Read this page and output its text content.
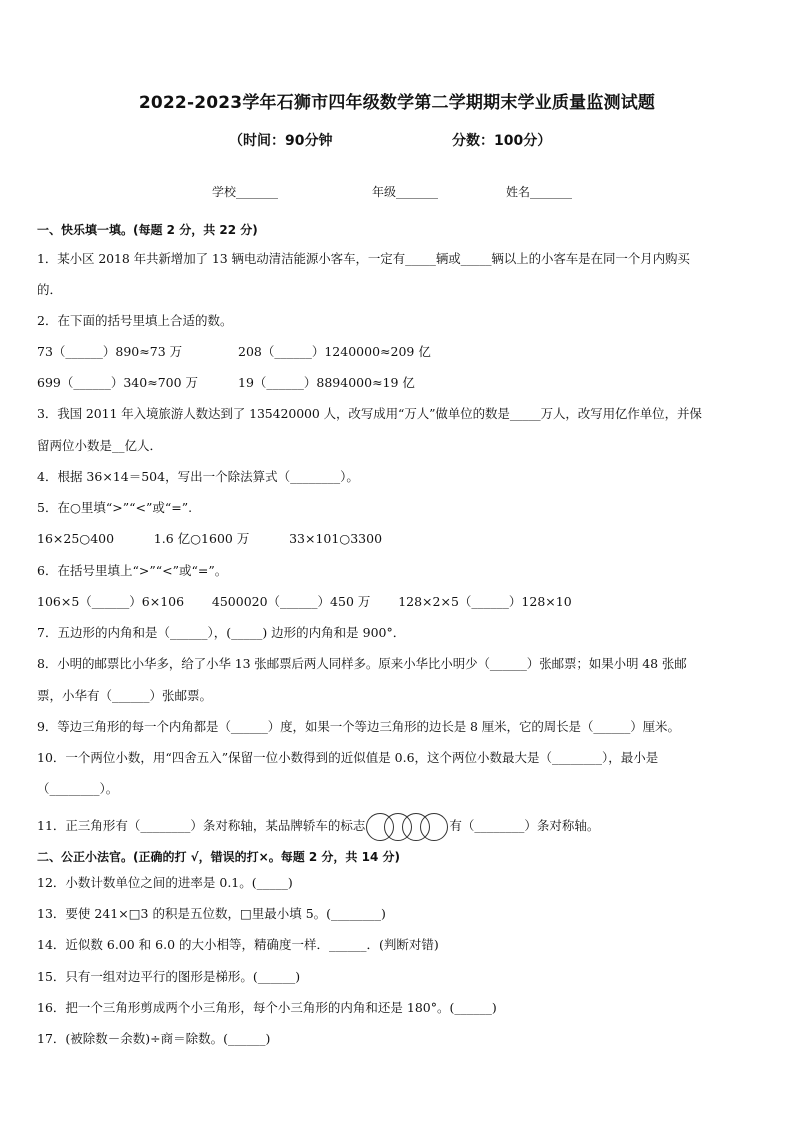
2022-2023学年石狮市四年级数学第二学期期末学业质量监测试题
（时间：90分钟	分数：100分）
学校_______	年级_______	姓名_______
一、快乐填一填。(每题 2 分，共 22 分)
1．某小区 2018 年共新增加了 13 辆电动清洁能源小客车，一定有_____辆或_____辆以上的小客车是在同一个月内购买
的．
2．在下面的括号里填上合适的数。
73（______）890≈73 万	208（______）1240000≈209 亿
699（______）340≈700 万	19（______）8894000≈19 亿
3．我国 2011 年入境旅游人数达到了 135420000 人，改写成用“万人”做单位的数是_____万人，改写用亿作单位，并保
留两位小数是__亿人．
4．根据 36×14＝504，写出一个除法算式（________）。
5．在○里填“>”“<”或“=”.
16×25○400          1.6 亿○1600 万          33×101○3300
6．在括号里填上“>”“<”或“=”。
106×5（______）6×106       4500020（______）450 万       128×2×5（______）128×10
7．五边形的内角和是（______），(_____) 边形的内角和是 900°．
8．小明的邮票比小华多，给了小华 13 张邮票后两人同样多。原来小华比小明少（______）张邮票；如果小明 48 张邮
票，小华有（______）张邮票。
9．等边三角形的每一个内角都是（______）度，如果一个等边三角形的边长是 8 厘米，它的周长是（______）厘米。
10．一个两位小数，用“四舍五入”保留一位小数得到的近似值是 0.6，这个两位小数最大是（________），最小是
（________）。
11．正三角形有（________）条对称轴，某品牌轿车的标志	有（________）条对称轴。
二、公正小法官。(正确的打 √，错误的打×。每题 2 分，共 14 分)
12．小数计数单位之间的进率是 0.1。(_____)
13．要使 241×□3 的积是五位数，□里最小填 5。(________)
14．近似数 6.00 和 6.0 的大小相等，精确度一样．______．(判断对错)
15．只有一组对边平行的图形是梯形。(______)
16．把一个三角形剪成两个小三角形，每个小三角形的内角和还是 180°。(______)
17．(被除数－余数)÷商＝除数。(______)
